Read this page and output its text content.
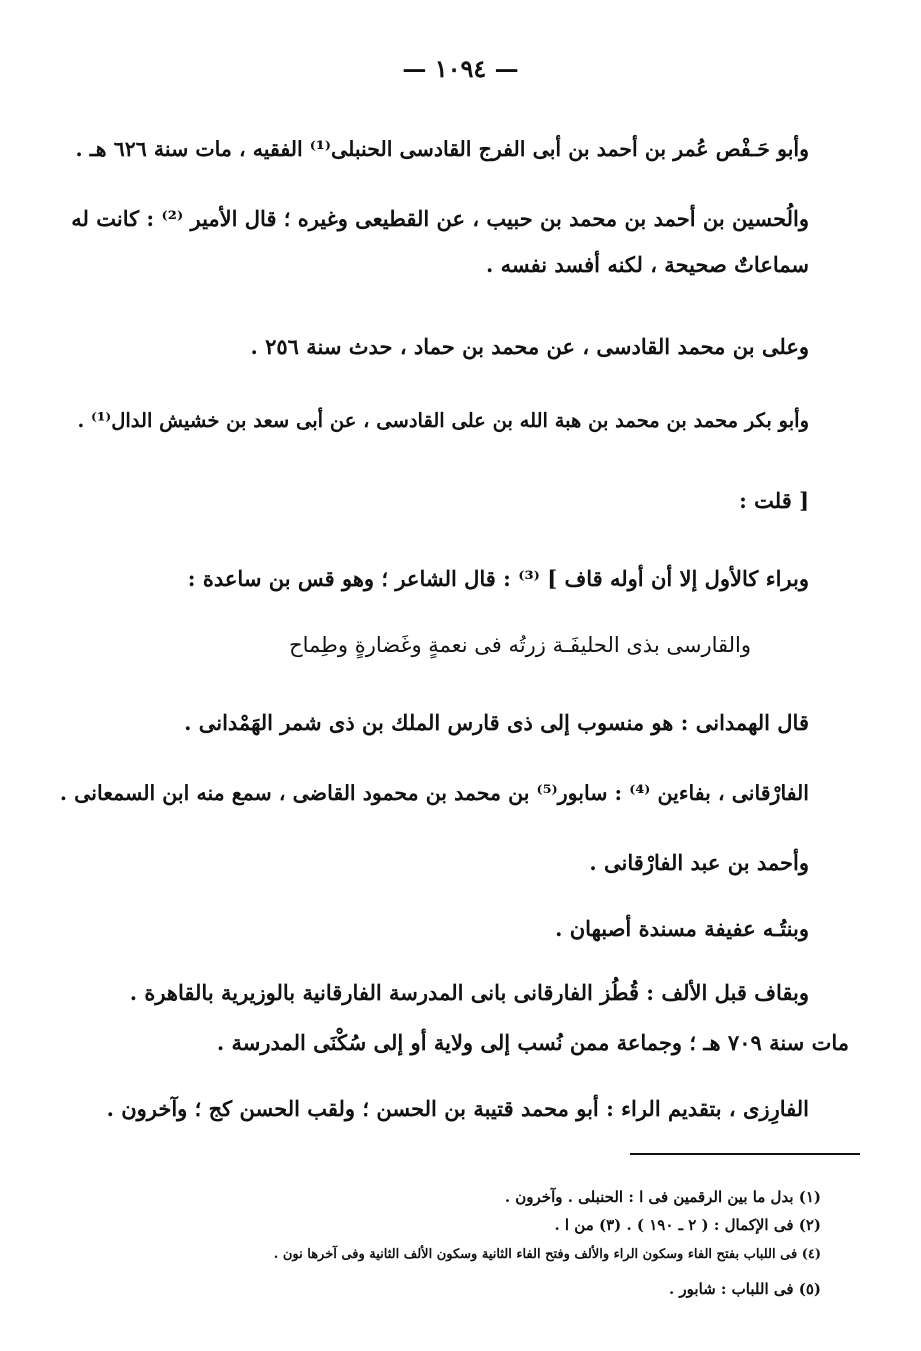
— ١٠٩٤ —
وأبو حَـفْص عُمر بن أحمد بن أبى الفرج القادسى الحنبلى⁽¹⁾ الفقيه ، مات سنة ٦٢٦ هـ .
والُحسين بن أحمد بن محمد بن حبيب ، عن القطيعى وغيره ؛ قال الأمير ⁽²⁾ : كانت له
سماعاتٌ صحيحة ، لكنه أفسد نفسه .
وعلى بن محمد القادسى ، عن محمد بن حماد ، حدث سنة ٢٥٦ .
وأبو بكر محمد بن محمد بن هبة الله بن على القادسى ، عن أبى سعد بن خشيش الدال⁽¹⁾ .
[ قلت :
وبراء كالأول إلا أن أوله قاف ] ⁽³⁾ : قال الشاعر ؛ وهو قس بن ساعدة :
والقارسى بذى الحليفَـة زرتُه فى نعمةٍ وغَضارةٍ وطِماح
قال الهمدانى : هو منسوب إلى ذى قارس الملك بن ذى شمر الهَمْدانى .
الفارْقانى ، بفاءين ⁽⁴⁾ : سابور⁽⁵⁾ بن محمد بن محمود القاضى ، سمع منه ابن السمعانى .
وأحمد بن عبد الفارْقانى .
وبنتُـه عفيفة مسندة أصبهان .
وبقاف قبل الألف : قُطُز الفارقانى بانى المدرسة الفارقانية بالوزيرية بالقاهرة .
مات سنة ٧٠٩ هـ ؛ وجماعة ممن نُسب إلى ولاية أو إلى سُكْنَى المدرسة .
الفارِزى ، بتقديم الراء : أبو محمد قتيبة بن الحسن ؛ ولقب الحسن كج ؛ وآخرون .
(١) بدل ما بين الرقمين فى ا : الحنبلى . وآخرون .
(٢) فى الإكمال : ( ٢ ـ ١٩٠ ) . (٣) من ا .
(٤) فى اللباب بفتح الفاء وسكون الراء والألف وفتح الفاء الثانية وسكون الألف الثانية وفى آخرها نون .
(٥) فى اللباب : شابور .
